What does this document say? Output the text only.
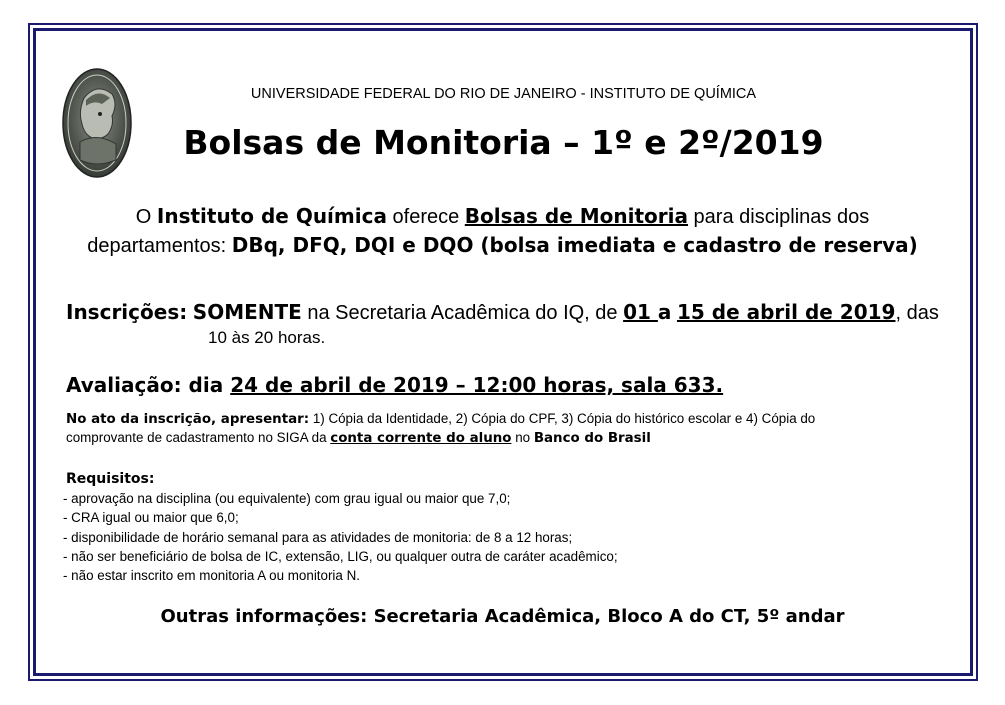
UNIVERSIDADE FEDERAL DO RIO DE JANEIRO - INSTITUTO DE QUÍMICA
Bolsas de Monitoria – 1º e 2º/2019
O Instituto de Química oferece Bolsas de Monitoria para disciplinas dos
departamentos: DBq, DFQ, DQI e DQO (bolsa imediata e cadastro de reserva)
Inscrições: SOMENTE na Secretaria Acadêmica do IQ, de 01 a 15 de abril de 2019, das
10 às 20 horas.
Avaliação: dia 24 de abril de 2019 – 12:00 horas, sala 633.
No ato da inscrição, apresentar: 1) Cópia da Identidade, 2) Cópia do CPF, 3) Cópia do histórico escolar e 4) Cópia do
comprovante de cadastramento no SIGA da conta corrente do aluno no Banco do Brasil
Requisitos:
- aprovação na disciplina (ou equivalente) com grau igual ou maior que 7,0;
- CRA igual ou maior que 6,0;
- disponibilidade de horário semanal para as atividades de monitoria: de 8 a 12 horas;
- não ser beneficiário de bolsa de IC, extensão, LIG, ou qualquer outra de caráter acadêmico;
- não estar inscrito em monitoria A ou monitoria N.
Outras informações: Secretaria Acadêmica, Bloco A do CT, 5º andar
